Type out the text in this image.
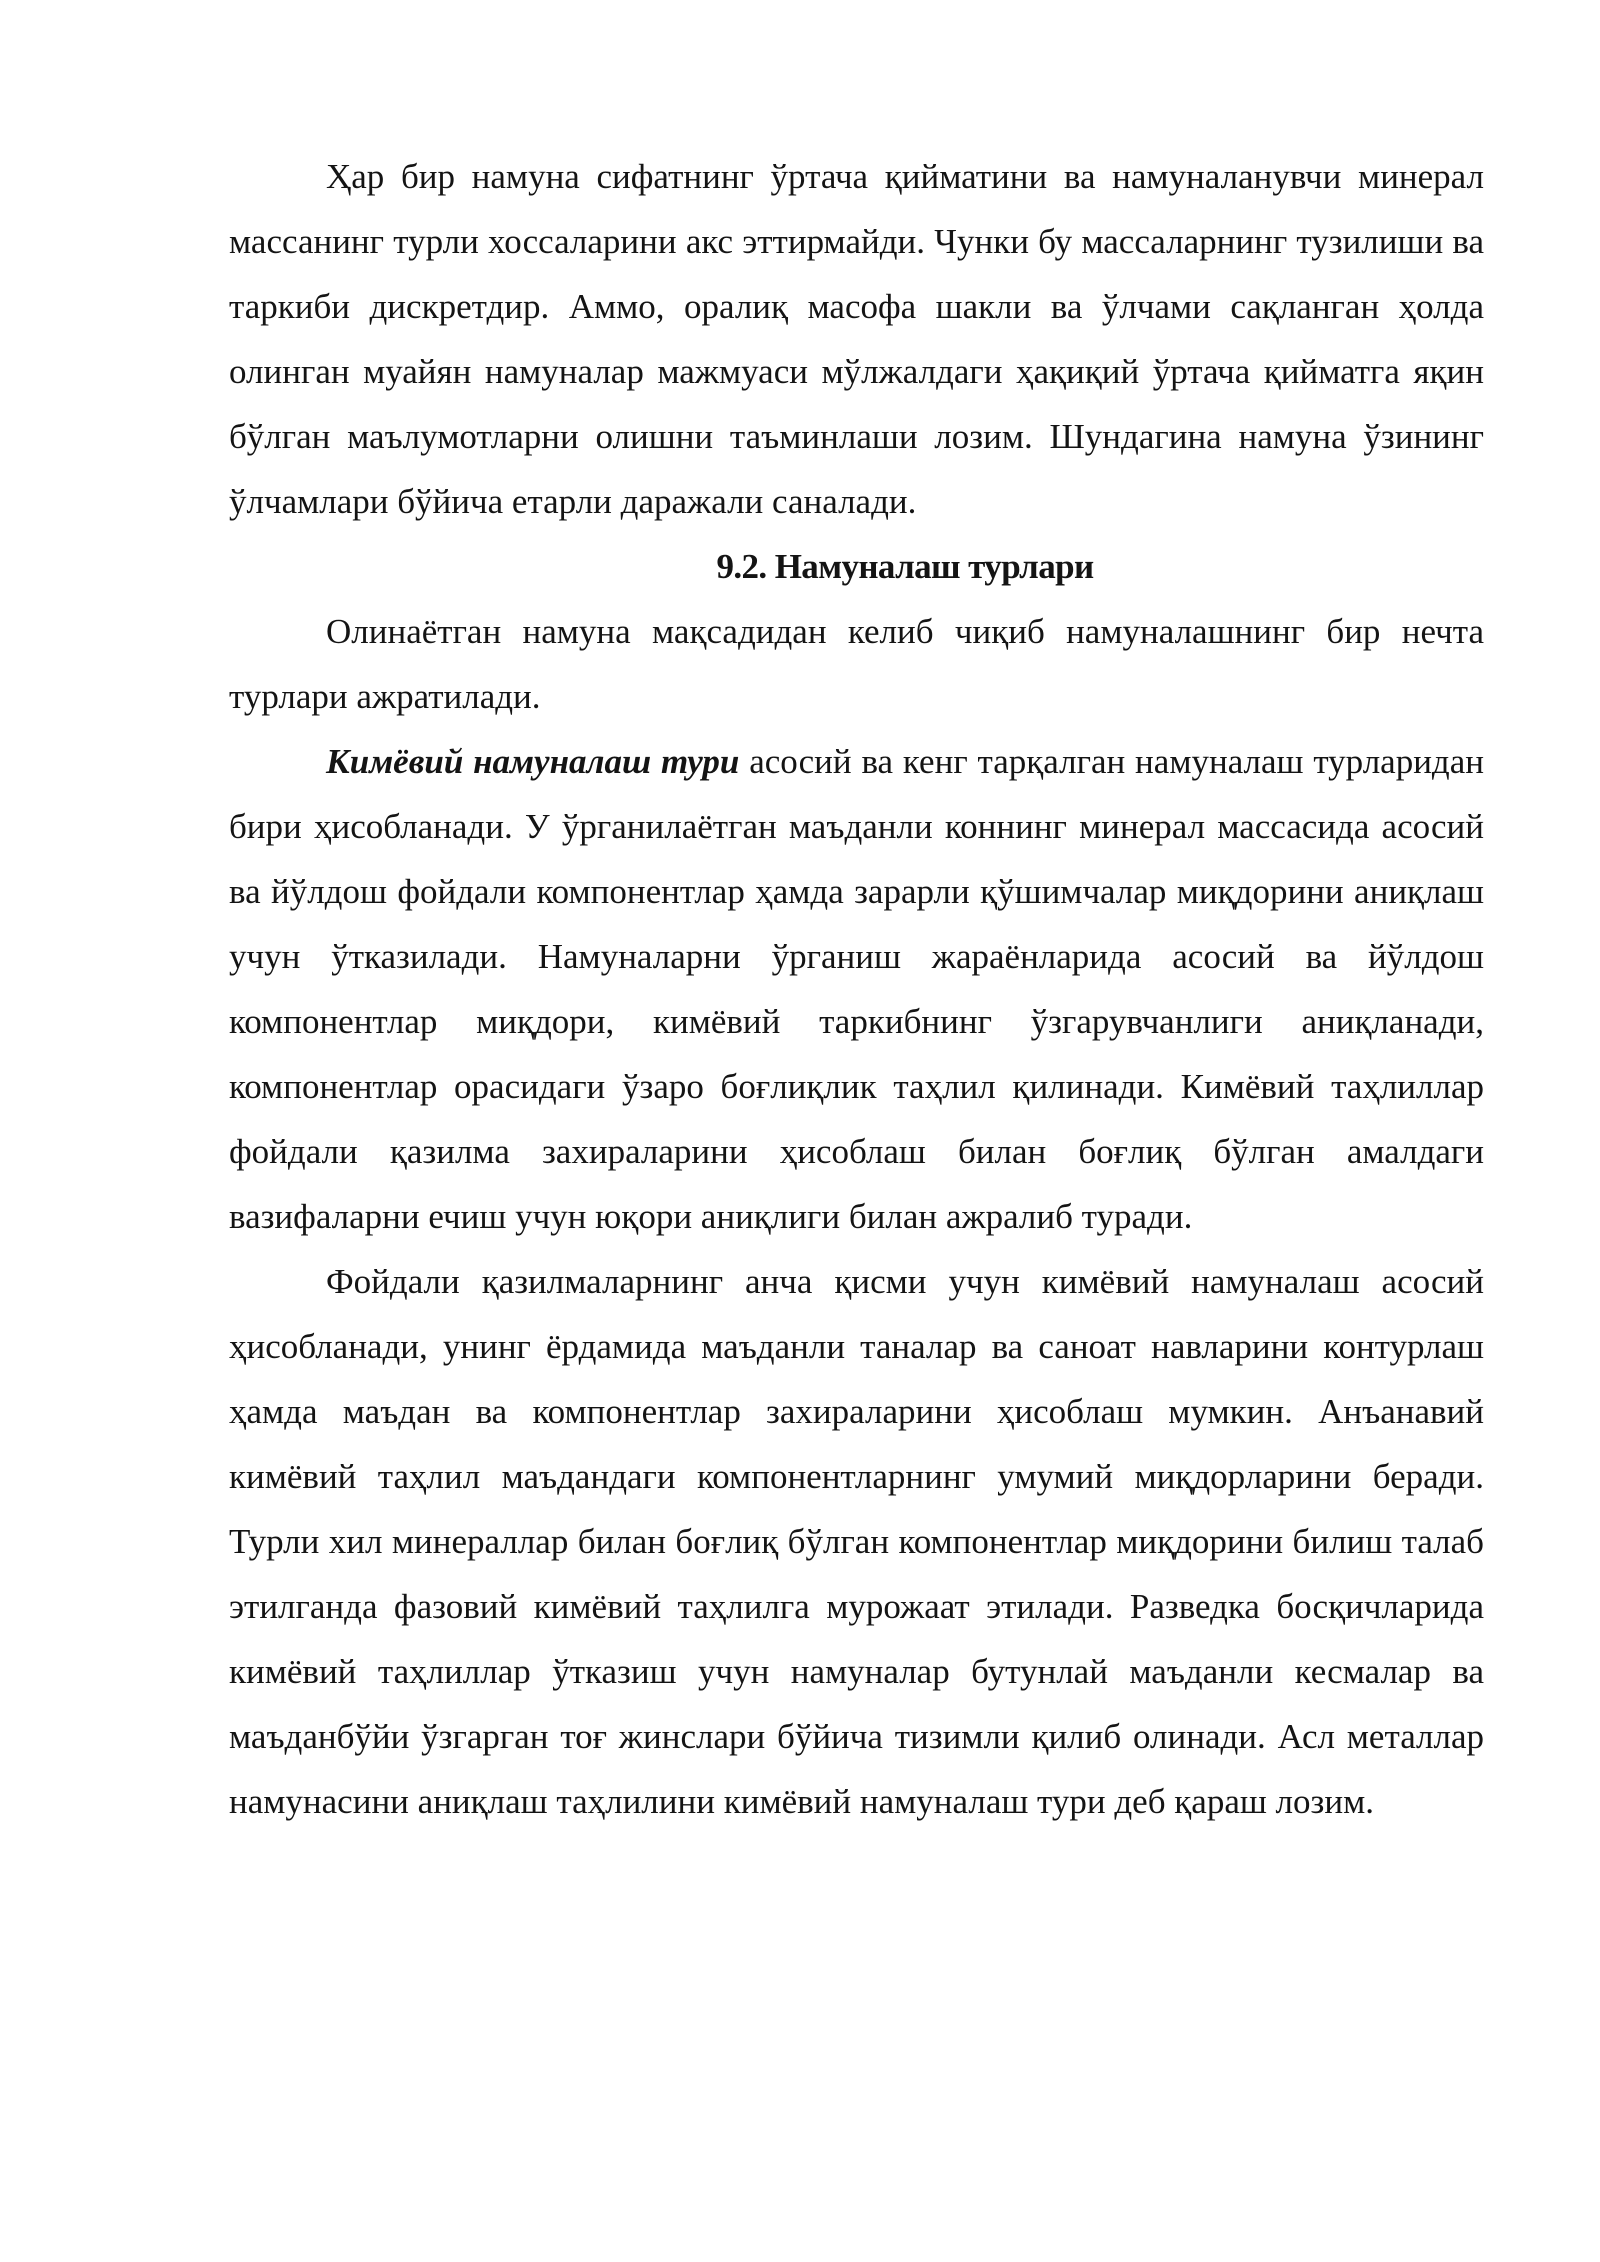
Ҳар бир намуна сифатнинг ўртача қийматини ва намуналанувчи минерал массанинг турли хоссаларини акс эттирмайди. Чунки бу массаларнинг тузилиши ва таркиби дискретдир. Аммо, оралиқ масофа шакли ва ўлчами сақланган ҳолда олинган муайян намуналар мажмуаси мўлжалдаги ҳақиқий ўртача қийматга яқин бўлган маълумотларни олишни таъминлаши лозим. Шундагина намуна ўзининг ўлчамлари бўйича етарли даражали саналади.

9.2. Намуналаш турлари

Олинаётган намуна мақсадидан келиб чиқиб намуналашнинг бир нечта турлари ажратилади.

Кимёвий намуналаш тури асосий ва кенг тарқалган намуналаш турларидан бири ҳисобланади. У ўрганилаётган маъданли коннинг минерал массасида асосий ва йўлдош фойдали компонентлар ҳамда зарарли қўшимчалар миқдорини аниқлаш учун ўтказилади. Намуналарни ўрганиш жараёнларида асосий ва йўлдош компонентлар миқдори, кимёвий таркибнинг ўзгарувчанлиги аниқланади, компонентлар орасидаги ўзаро боғлиқлик таҳлил қилинади. Кимёвий таҳлиллар фойдали қазилма захираларини ҳисоблаш билан боғлиқ бўлган амалдаги вазифаларни ечиш учун юқори аниқлиги билан ажралиб туради.

Фойдали қазилмаларнинг анча қисми учун кимёвий намуналаш асосий ҳисобланади, унинг ёрдамида маъданли таналар ва саноат навларини контурлаш ҳамда маъдан ва компонентлар захираларини ҳисоблаш мумкин. Анъанавий кимёвий таҳлил маъдандаги компонентларнинг умумий миқдорларини беради. Турли хил минераллар билан боғлиқ бўлган компонентлар миқдорини билиш талаб этилганда фазовий кимёвий таҳлилга мурожаат этилади. Разведка босқичларида кимёвий таҳлиллар ўтказиш учун намуналар бутунлай маъданли кесмалар ва маъданбўйи ўзгарган тоғ жинслари бўйича тизимли қилиб олинади. Асл металлар намунасини аниқлаш таҳлилини кимёвий намуналаш тури деб қараш лозим.
